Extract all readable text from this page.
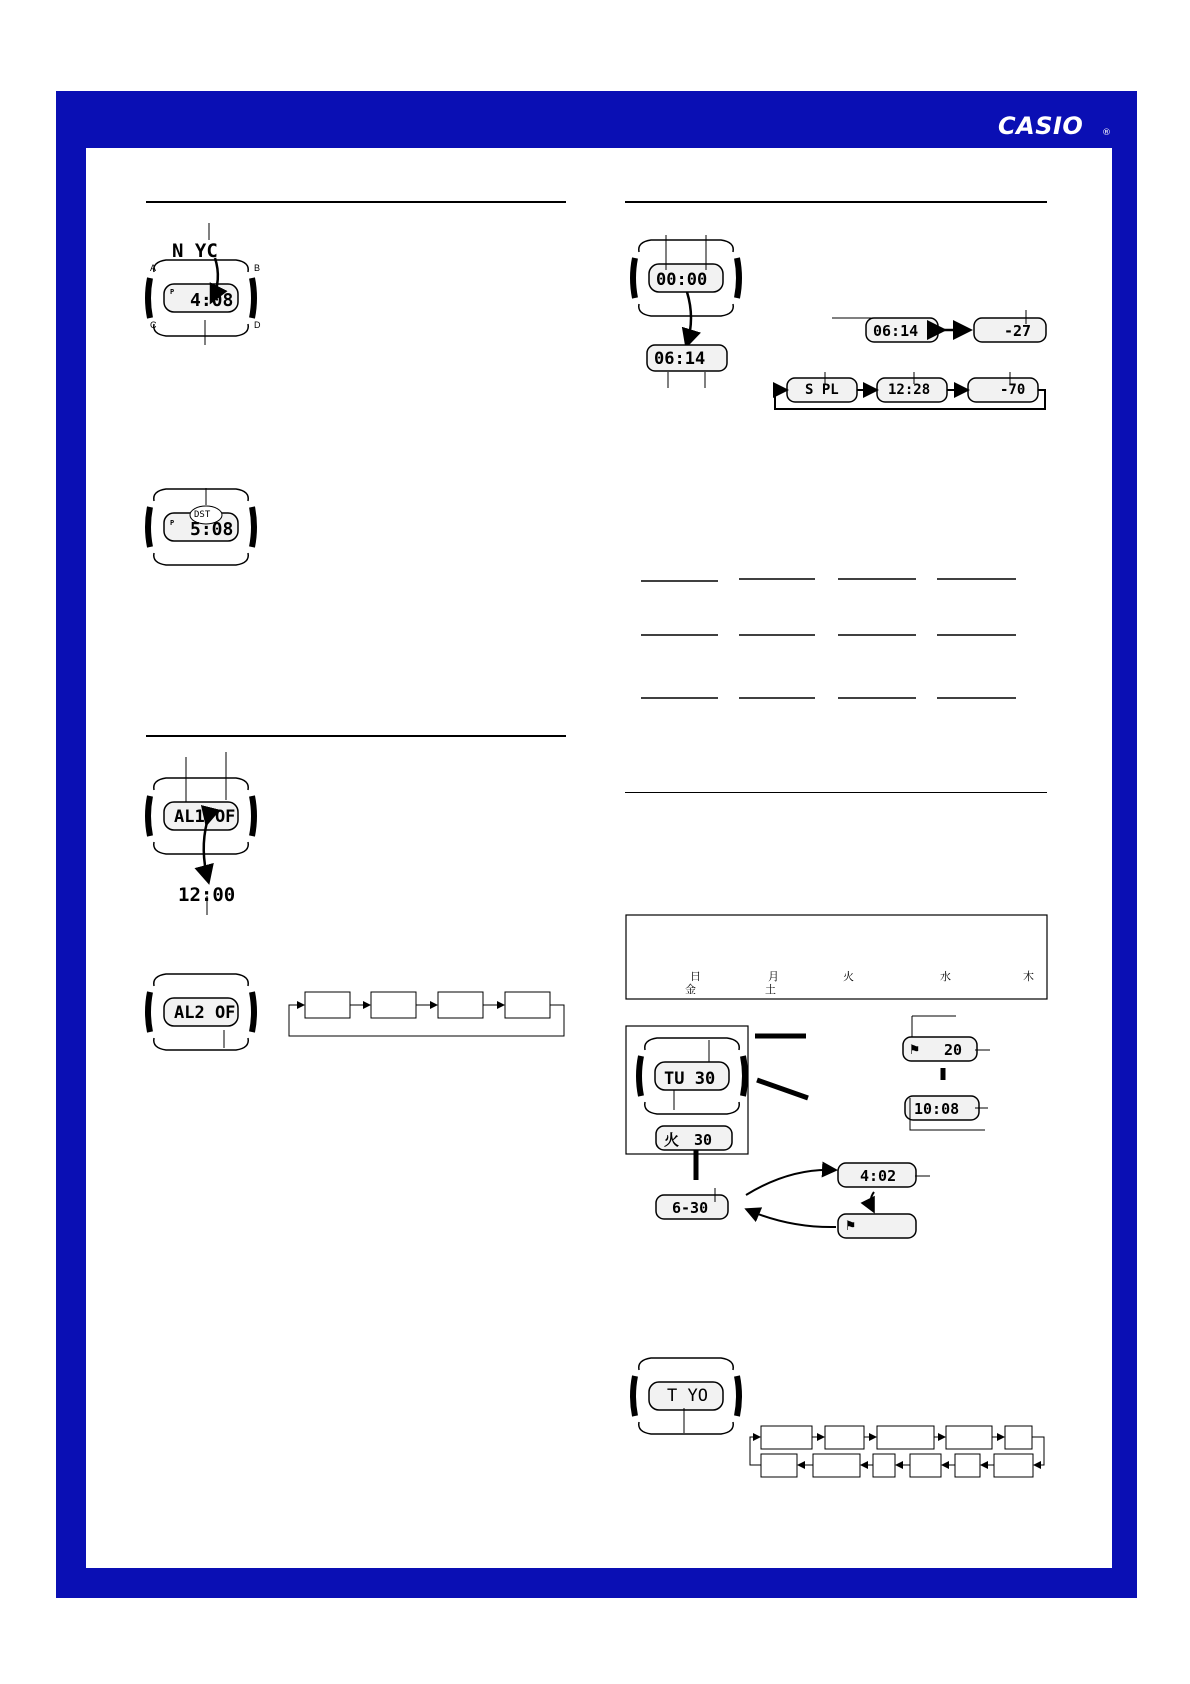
CASIO ®
A	B
C	D
N YC
P 4:08
DST
P 5:08
AL1 OF
12:00
AL2 OF
00:00
06:14
06:14	-27
S PL	12:28	-70
日	月	火	水	木
金	土
TU 30
火　30
6-30
4:02
⚑
⚑ 20
10:08
T YO
